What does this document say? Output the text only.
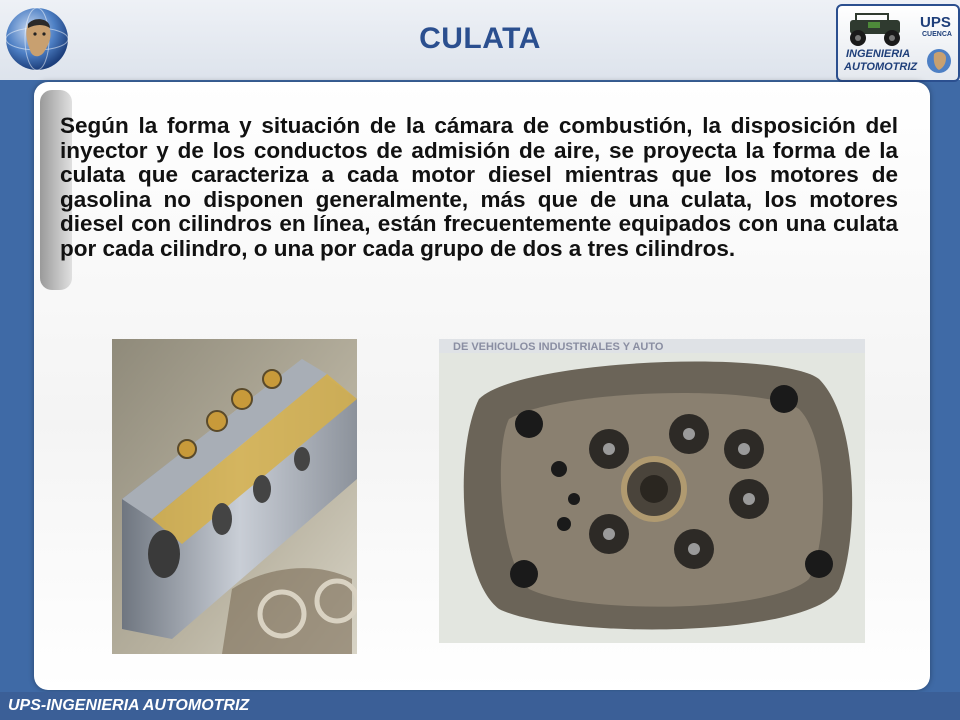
CULATA	UPS
CUENCA
INGENIERIA
AUTOMOTRIZ
Según la forma y situación de la cámara de combustión, la disposición del inyector y de los conductos de admisión de aire, se proyecta la forma de la culata que caracteriza a cada motor diesel mientras que los motores de gasolina no disponen generalmente, más que de una culata, los motores diesel con cilindros en línea, están frecuentemente equipados con una culata por cada cilindro, o una por cada grupo de dos a tres cilindros.
DE VEHICULOS INDUSTRIALES Y AUTO
UPS-INGENIERIA AUTOMOTRIZ
